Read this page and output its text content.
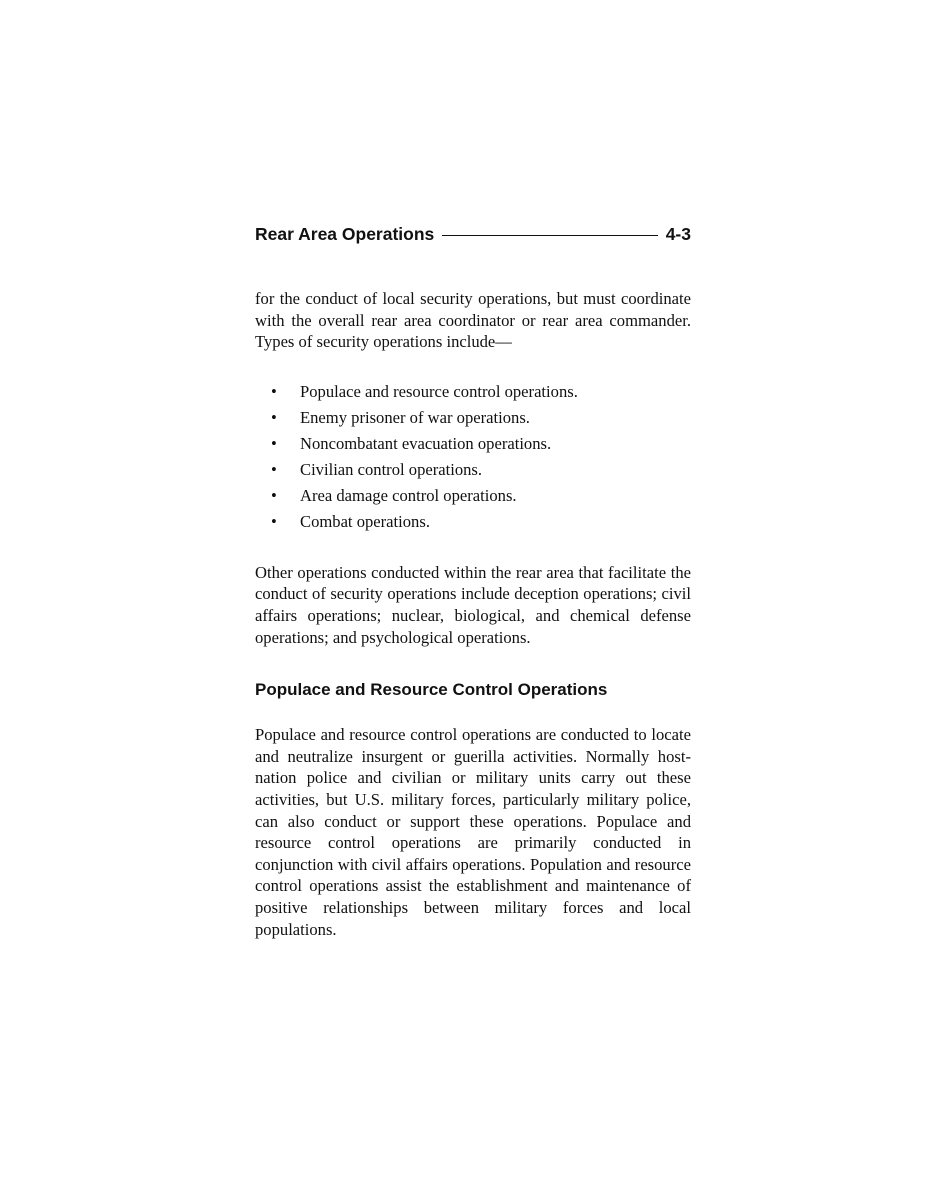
Rear Area Operations	4-3

for the conduct of local security operations, but must coordinate with the overall rear area coordinator or rear area commander. Types of security operations include—

• Populace and resource control operations.
• Enemy prisoner of war operations.
• Noncombatant evacuation operations.
• Civilian control operations.
• Area damage control operations.
• Combat operations.

Other operations conducted within the rear area that facilitate the conduct of security operations include deception operations; civil affairs operations; nuclear, biological, and chemical defense operations; and psychological operations.

Populace and Resource Control Operations

Populace and resource control operations are conducted to locate and neutralize insurgent or guerilla activities. Normally host-nation police and civilian or military units carry out these activities, but U.S. military forces, particularly military police, can also conduct or support these operations. Populace and resource control operations are primarily conducted in conjunction with civil affairs operations. Population and resource control operations assist the establishment and maintenance of positive relationships between military forces and local populations.
